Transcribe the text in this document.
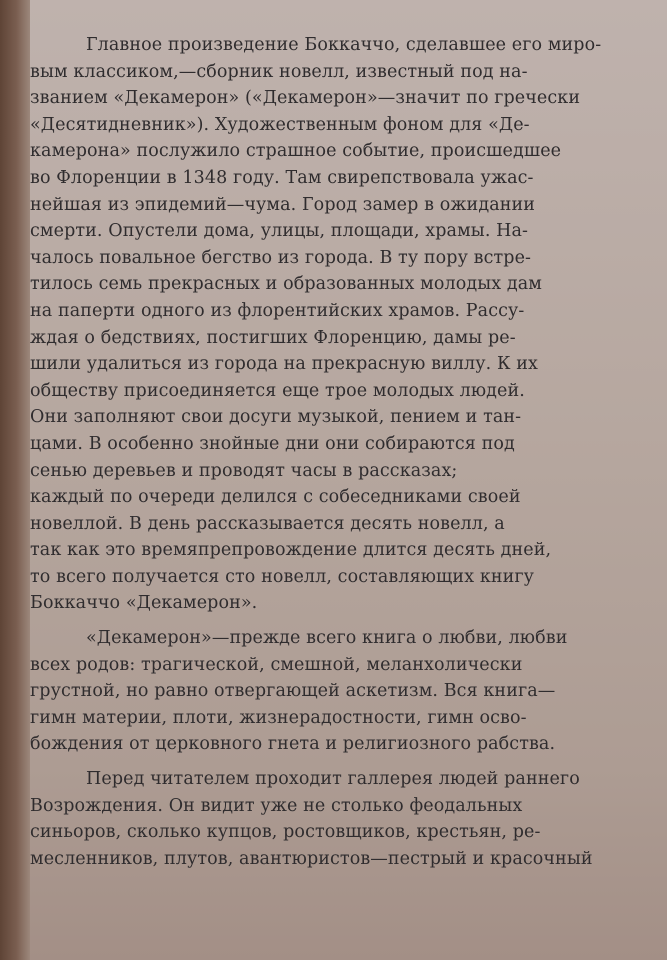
Главное произведение Боккаччо, сделавшее его миро-
вым классиком,—сборник новелл, известный под на-
званием «Декамерон» («Декамерон»—значит по гречески
«Десятидневник»). Художественным фоном для «Де-
камерона» послужило страшное событие, происшедшее
во Флоренции в 1348 году. Там свирепствовала ужас-
нейшая из эпидемий—чума. Город замер в ожидании
смерти. Опустели дома, улицы, площади, храмы. На-
чалось повальное бегство из города. В ту пору встре-
тилось семь прекрасных и образованных молодых дам
на паперти одного из флорентийских храмов. Рассу-
ждая о бедствиях, постигших Флоренцию, дамы ре-
шили удалиться из города на прекрасную виллу. К их
обществу присоединяется еще трое молодых людей.
Они заполняют свои досуги музыкой, пением и тан-
цами. В особенно знойные дни они собираются под
сенью деревьев и проводят часы в рассказах;
каждый по очереди делился с собеседниками своей
новеллой. В день рассказывается десять новелл, а
так как это времяпрепровождение длится десять дней,
то всего получается сто новелл, составляющих книгу
Боккаччо «Декамерон».

«Декамерон»—прежде всего книга о любви, любви
всех родов: трагической, смешной, меланхолически
грустной, но равно отвергающей аскетизм. Вся книга—
гимн материи, плоти, жизнерадостности, гимн осво-
бождения от церковного гнета и религиозного рабства.

Перед читателем проходит галлерея людей раннего
Возрождения. Он видит уже не столько феодальных
синьоров, сколько купцов, ростовщиков, крестьян, ре-
месленников, плутов, авантюристов—пестрый и красочный
